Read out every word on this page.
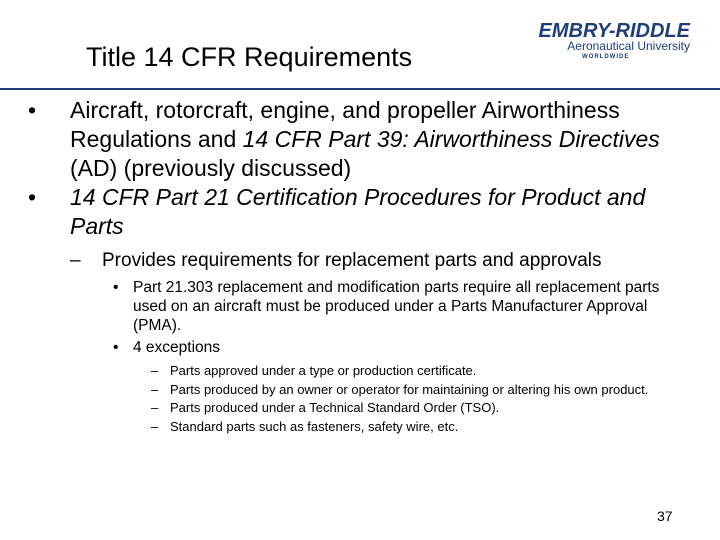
Title 14 CFR Requirements
EMBRY-RIDDLE
Aeronautical University
WORLDWIDE
• Aircraft, rotorcraft, engine, and propeller Airworthiness Regulations and 14 CFR Part 39: Airworthiness Directives (AD) (previously discussed)
• 14 CFR Part 21 Certification Procedures for Product and Parts
– Provides requirements for replacement parts and approvals
• Part 21.303 replacement and modification parts require all replacement parts used on an aircraft must be produced under a Parts Manufacturer Approval (PMA).
• 4 exceptions
– Parts approved under a type or production certificate.
– Parts produced by an owner or operator for maintaining or altering his own product.
– Parts produced under a Technical Standard Order (TSO).
– Standard parts such as fasteners, safety wire, etc.
37
